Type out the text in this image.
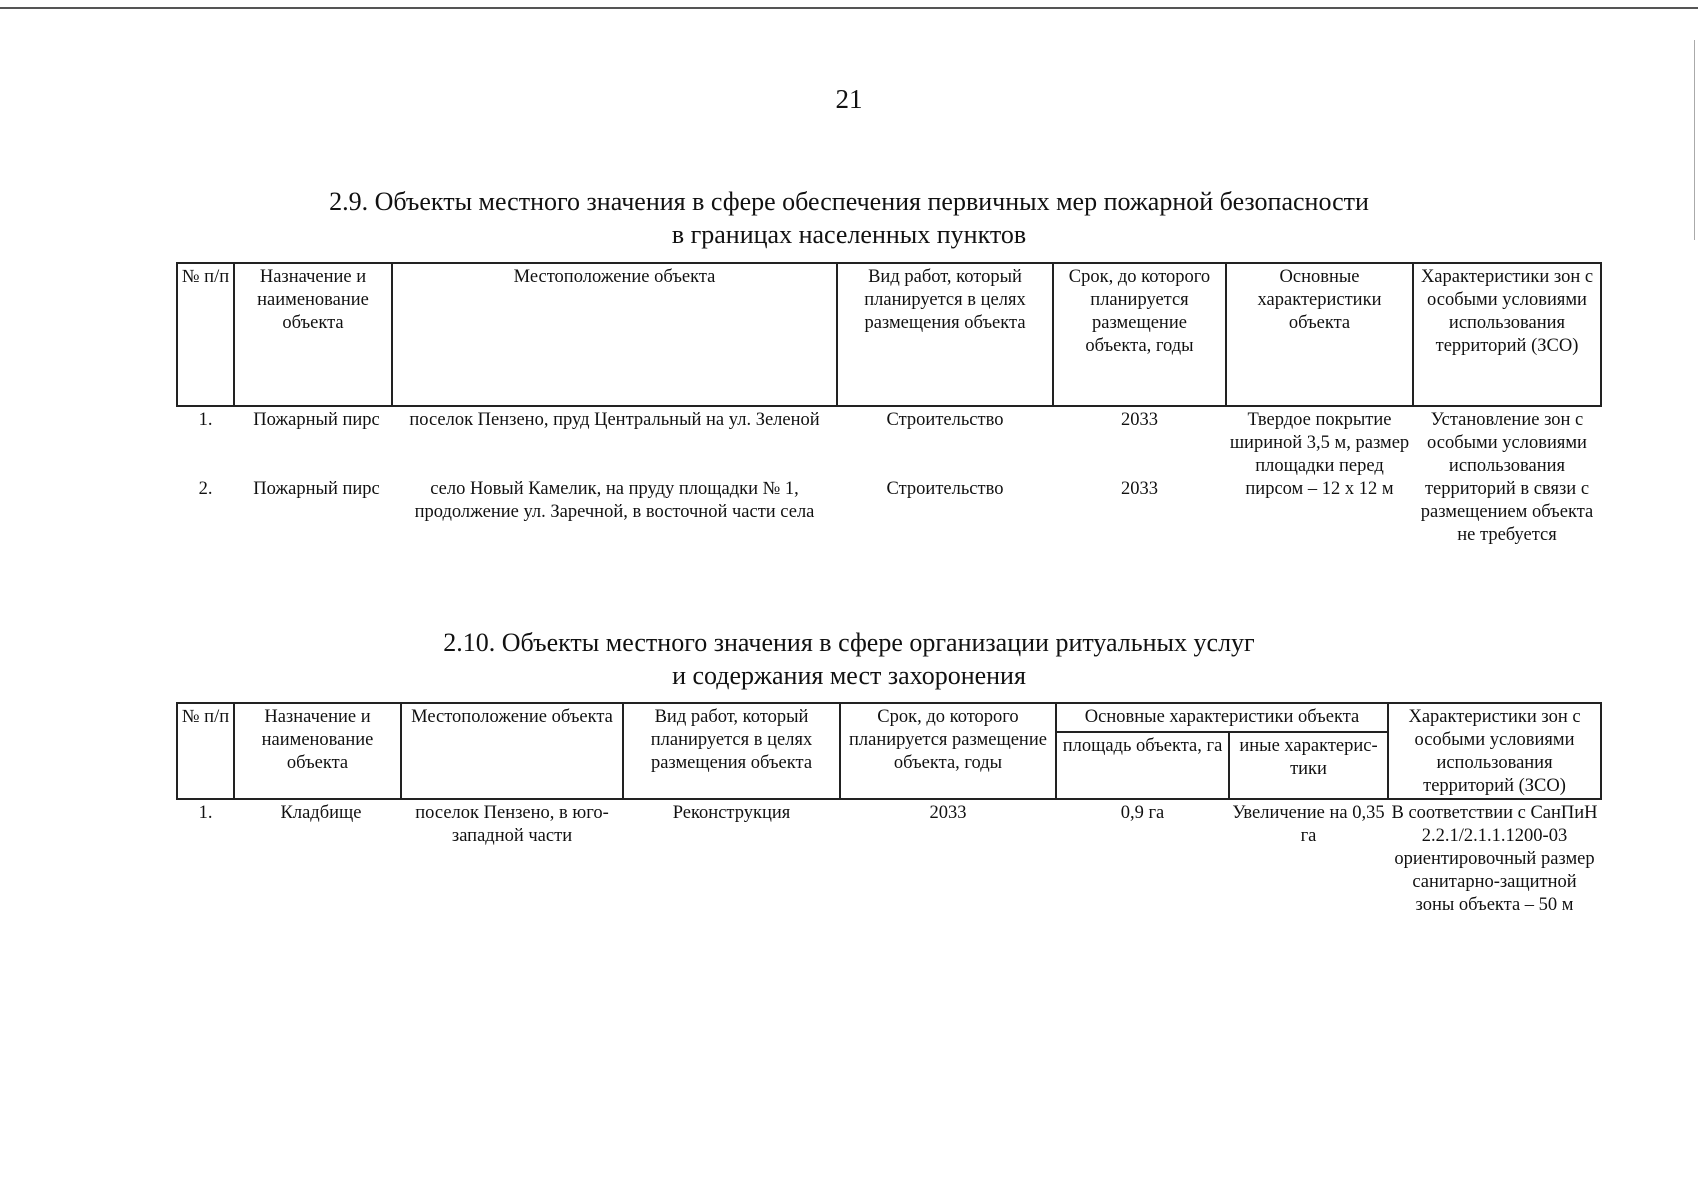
21
2.9. Объекты местного значения в сфере обеспечения первичных мер пожарной безопасности
в границах населенных пунктов
№ п/п	Назначение и наименование объекта	Местоположение объекта	Вид работ, который планируется в целях размещения объекта	Срок, до которого планируется размещение объекта, годы	Основные характеристики объекта	Характеристики зон с особыми условиями использования территорий (ЗСО)
1.	Пожарный пирс	поселок Пензено, пруд Центральный на ул. Зеленой	Строительство	2033	Твердое покрытие шириной 3,5 м, размер площадки перед пирсом – 12 x 12 м	Установление зон с особыми условиями использования территорий в связи с размещением объекта не требуется
2.	Пожарный пирс	село Новый Камелик, на пруду площадки № 1, продолжение ул. Заречной, в восточной части села	Строительство	2033		
2.10. Объекты местного значения в сфере организации ритуальных услуг
и содержания мест захоронения
№ п/п	Назначение и наименование объекта	Местоположение объекта	Вид работ, который планируется в целях размещения объекта	Срок, до которого планируется размещение объекта, годы	Основные характеристики объекта		Характеристики зон с особыми условиями использования территорий (ЗСО)
					площадь объекта, га	иные характерис-тики	
1.	Кладбище	поселок Пензено, в юго-западной части	Реконструкция	2033	0,9 га	Увеличение на 0,35 га	В соответствии с СанПиН 2.2.1/2.1.1.1200-03 ориентировочный размер санитарно-защитной зоны объекта – 50 м
